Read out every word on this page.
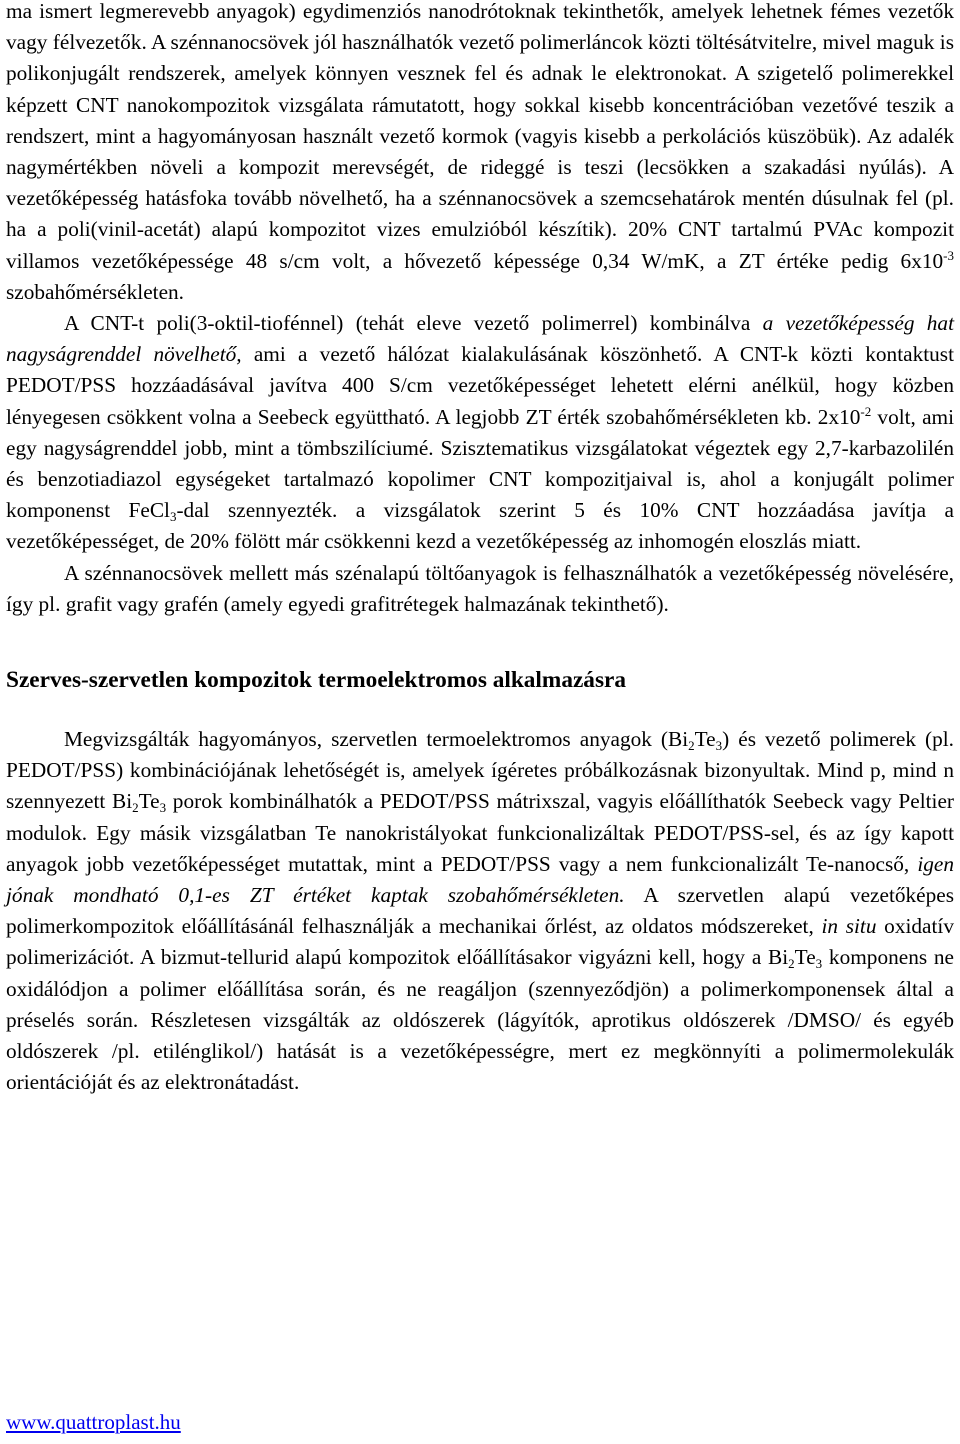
ma ismert legmerevebb anyagok) egydimenziós nanodrótoknak tekinthetők, amelyek lehetnek fémes vezetők vagy félvezetők. A szénnanocsövek jól használhatók vezető polimerláncok közti töltésátvitelre, mivel maguk is polikonjugált rendszerek, amelyek könnyen vesznek fel és adnak le elektronokat. A szigetelő polimerekkel képzett CNT nanokompozitok vizsgálata rámutatott, hogy sokkal kisebb koncentrációban vezetővé teszik a rendszert, mint a hagyományosan használt vezető kormok (vagyis kisebb a perkolációs küszöbük). Az adalék nagymértékben növeli a kompozit merevségét, de rideggé is teszi (lecsökken a szakadási nyúlás). A vezetőképesség hatásfoka tovább növelhető, ha a szénnanocsövek a szemcsehatárok mentén dúsulnak fel (pl. ha a poli(vinil-acetát) alapú kompozitot vizes emulzióból készítik). 20% CNT tartalmú PVAc kompozit villamos vezetőképessége 48 s/cm volt, a hővezető képessége 0,34 W/mK, a ZT értéke pedig $6x10^{-3}$ szobahőmérsékleten.

A CNT-t poli(3-oktil-tiofénnel) (tehát eleve vezető polimerrel) kombinálva a vezetőképesség hat nagyságrenddel növelhető, ami a vezető hálózat kialakulásának köszönhető. A CNT-k közti kontaktust PEDOT/PSS hozzáadásával javítva 400 S/cm vezetőképességet lehetett elérni anélkül, hogy közben lényegesen csökkent volna a Seebeck együttható. A legjobb ZT érték szobahőmérsékleten kb. $2x10^{-2}$ volt, ami egy nagyságrenddel jobb, mint a tömbszilíciumé. Szisztematikus vizsgálatokat végeztek egy 2,7-karbazolilén és benzotiadiazol egységeket tartalmazó kopolimer CNT kompozitjaival is, ahol a konjugált polimer komponenst FeCl$_3$-dal szennyezték. a vizsgálatok szerint 5 és 10% CNT hozzáadása javítja a vezetőképességet, de 20% fölött már csökkenni kezd a vezetőképesség az inhomogén eloszlás miatt.

A szénnanocsövek mellett más szénalapú töltőanyagok is felhasználhatók a vezetőképesség növelésére, így pl. grafit vagy grafén (amely egyedi grafitrétegek halmazának tekinthető).

Szerves-szervetlen kompozitok termoelektromos alkalmazásra

Megvizsgálták hagyományos, szervetlen termoelektromos anyagok $(Bi_2Te_3)$ és vezető polimerek (pl. PEDOT/PSS) kombinációjának lehetőségét is, amelyek ígéretes próbálkozásnak bizonyultak. Mind p, mind n szennyezett $Bi_2Te_3$ porok kombinálhatók a PEDOT/PSS mátrixszal, vagyis előállíthatók Seebeck vagy Peltier modulok. Egy másik vizsgálatban Te nanokristályokat funkcionalizáltak PEDOT/PSS-sel, és az így kapott anyagok jobb vezetőképességet mutattak, mint a PEDOT/PSS vagy a nem funkcionalizált Te-nanocső, igen jónak mondható 0,1-es ZT értéket kaptak szobahőmérsékleten. A szervetlen alapú vezetőképes polimerkompozitok előállításánál felhasználják a mechanikai őrlést, az oldatos módszereket, in situ oxidatív polimerizációt. A bizmut-tellurid alapú kompozitok előállításakor vigyázni kell, hogy a $Bi_2Te_3$ komponens ne oxidálódjon a polimer előállítása során, és ne reagáljon (szennyeződjön) a polimerkomponensek által a préselés során. Részletesen vizsgálták az oldószerek (lágyítók, aprotikus oldószerek /DMSO/ és egyéb oldószerek /pl. etilénglikol/) hatását is a vezetőképességre, mert ez megkönnyíti a polimermolekulák orientációját és az elektronátadást.

www.quattroplast.hu
